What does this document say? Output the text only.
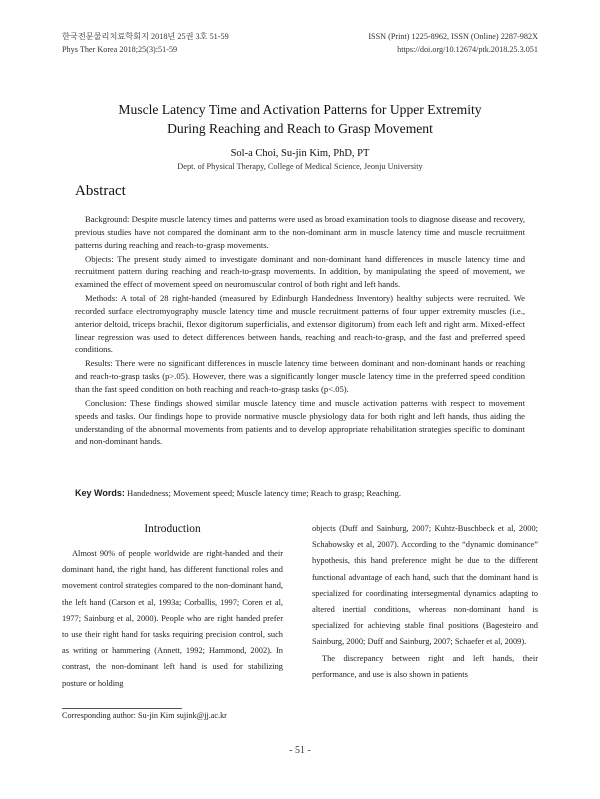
한국전문물리치료학회지 2018년 25권 3호 51-59	ISSN (Print) 1225-8962, ISSN (Online) 2287-982X
Phys Ther Korea 2018;25(3):51-59	https://doi.org/10.12674/ptk.2018.25.3.051
Muscle Latency Time and Activation Patterns for Upper Extremity
During Reaching and Reach to Grasp Movement
Sol-a Choi, Su-jin Kim, PhD, PT
Dept. of Physical Therapy, College of Medical Science, Jeonju University
Abstract

Background: Despite muscle latency times and patterns were used as broad examination tools to diagnose disease and recovery, previous studies have not compared the dominant arm to the non-dominant arm in muscle latency time and muscle recruitment patterns during reaching and reach-to-grasp movements.

Objects: The present study aimed to investigate dominant and non-dominant hand differences in muscle latency time and recruitment pattern during reaching and reach-to-grasp movements. In addition, by manipulating the speed of movement, we examined the effect of movement speed on neuromuscular control of both right and left hands.

Methods: A total of 28 right-handed (measured by Edinburgh Handedness Inventory) healthy subjects were recruited. We recorded surface electromyography muscle latency time and muscle recruitment patterns of four upper extremity muscles (i.e., anterior deltoid, triceps brachii, flexor digitorum superficialis, and extensor digitorum) from each left and right arm. Mixed-effect linear regression was used to detect differences between hands, reaching and reach-to-grasp, and the fast and preferred speed conditions.

Results: There were no significant differences in muscle latency time between dominant and non-dominant hands or reaching and reach-to-grasp tasks (p>.05). However, there was a significantly longer muscle latency time in the preferred speed condition than the fast speed condition on both reaching and reach-to-grasp tasks (p<.05).

Conclusion: These findings showed similar muscle latency time and muscle activation patterns with respect to movement speeds and tasks. Our findings hope to provide normative muscle physiology data for both right and left hands, thus aiding the understanding of the abnormal movements from patients and to develop appropriate rehabilitation strategies specific to dominant and non-dominant hands.

Key Words: Handedness; Movement speed; Muscle latency time; Reach to grasp; Reaching.
Introduction

Almost 90% of people worldwide are right-handed and their dominant hand, the right hand, has different functional roles and movement control strategies compared to the non-dominant hand, the left hand (Carson et al, 1993a; Corballis, 1997; Coren et al, 1977; Sainburg et al, 2000). People who are right handed prefer to use their right hand for tasks requiring precision control, such as writing or hammering (Annett, 1992; Hammond, 2002). In contrast, the non-dominant left hand is used for stabilizing posture or holding

objects (Duff and Sainburg, 2007; Kuhtz-Buschbeck et al, 2000; Schabowsky et al, 2007). According to the “dynamic dominance” hypothesis, this hand preference might be due to the different functional advantage of each hand, such that the dominant hand is specialized for coordinating intersegmental dynamics adapting to altered inertial conditions, whereas non-dominant hand is specialized for achieving stable final positions (Bagesteiro and Sainburg, 2000; Duff and Sainburg, 2007; Schaefer et al, 2009).

The discrepancy between right and left hands, their performance, and use is also shown in patients

Corresponding author: Su-jin Kim sujink@jj.ac.kr
- 51 -
